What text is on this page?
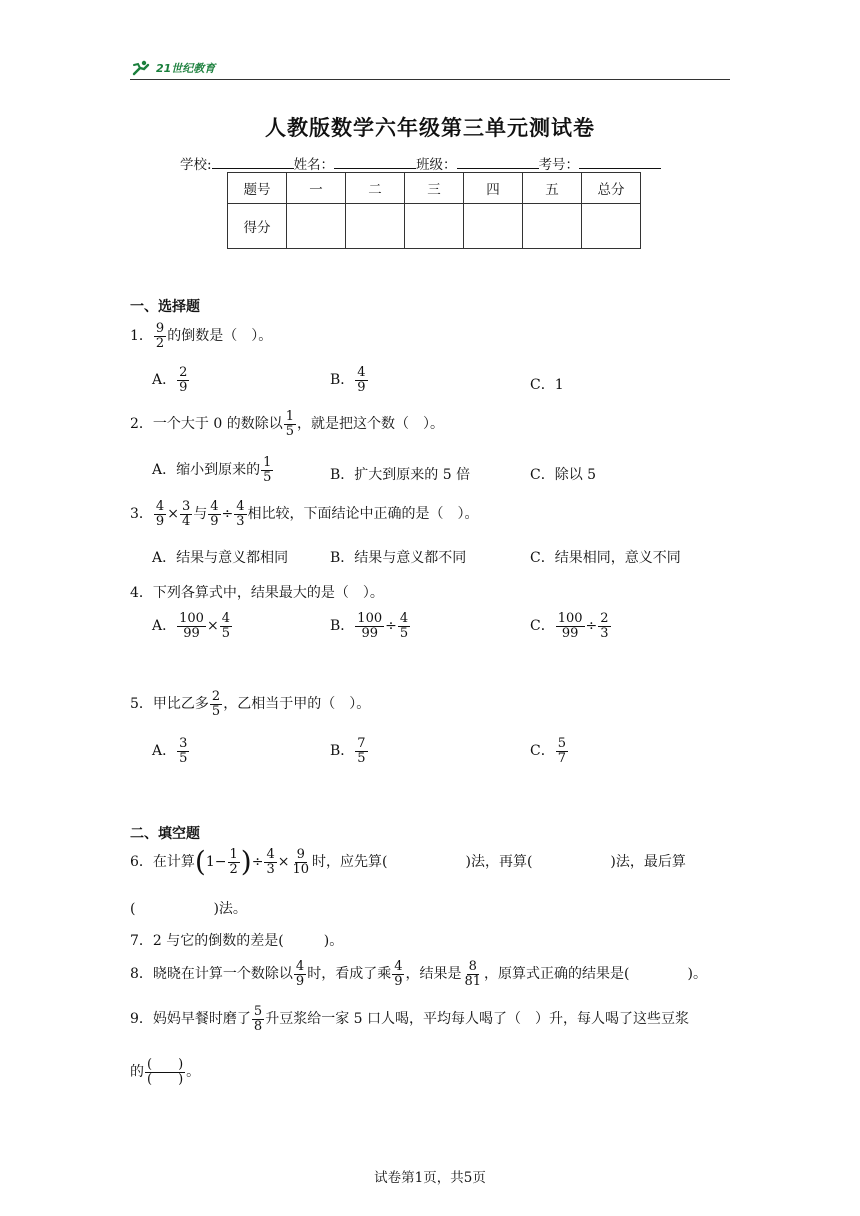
21世纪教育
人教版数学六年级第三单元测试卷
学校:	姓名：	班级：	考号：
题号	一	二	三	四	五	总分
得分						
一、选择题
1． $\frac{9}{2}$ 的倒数是（　）。
A． $\frac{2}{9}$	B． $\frac{4}{9}$	C．1
2．一个大于 0 的数除以 $\frac{1}{5}$ ，就是把这个数（　）。
A．缩小到原来的 $\frac{1}{5}$	B．扩大到原来的 5 倍	C．除以 5
3． $\frac{4}{9} \times \frac{3}{4}$ 与 $\frac{4}{9} \div \frac{4}{3}$ 相比较，下面结论中正确的是（　）。
A．结果与意义都相同	B．结果与意义都不同	C．结果相同，意义不同
4．下列各算式中，结果最大的是（　）。
A． $\frac{100}{99} \times \frac{4}{5}$	B． $\frac{100}{99} \div \frac{4}{5}$	C． $\frac{100}{99} \div \frac{2}{3}$
5．甲比乙多 $\frac{2}{5}$ ，乙相当于甲的（　）。
A． $\frac{3}{5}$	B． $\frac{7}{5}$	C． $\frac{5}{7}$
二、填空题
6．在计算($1- \frac{1}{2}$ )÷ $\frac{4}{3} \times \frac{9}{10}$ 时，应先算(	)法，再算(	)法，最后算
(	)法。
7．2 与它的倒数的差是(	)。
8．晓晓在计算一个数除以 $\frac{4}{9}$ 时，看成了乘 $\frac{4}{9}$ ，结果是 $\frac{8}{81}$ ，原算式正确的结果是(	)。
9．妈妈早餐时磨了 $\frac{5}{8}$ 升豆浆给一家 5 口人喝，平均每人喝了（　）升，每人喝了这些豆浆
的 $\frac{( )}{( )}$ 。
试卷第1页，共5页
